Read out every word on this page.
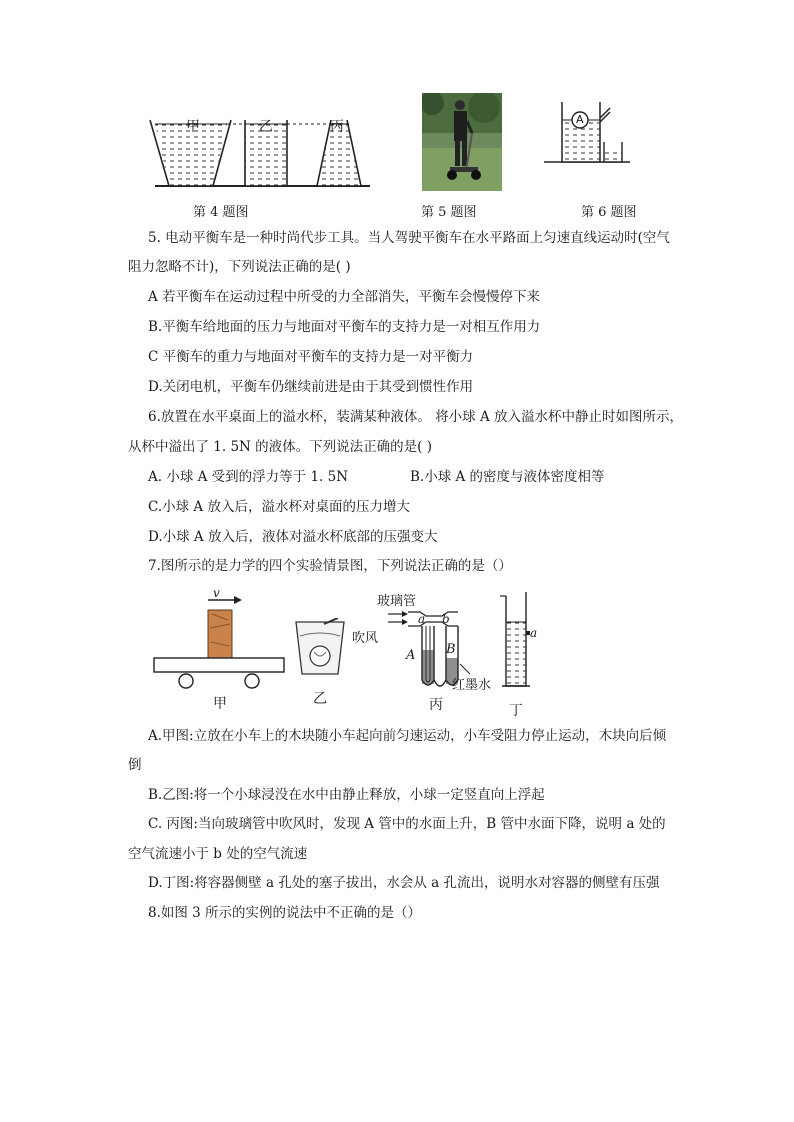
甲	乙	丙
第 4 题图	第 5 题图
A
第 6 题图
5. 电动平衡车是一种时尚代步工具。当人驾驶平衡车在水平路面上匀速直线运动时(空气
阻力忽略不计)，下列说法正确的是( )
A 若平衡车在运动过程中所受的力全部消失，平衡车会慢慢停下来
B.平衡车给地面的压力与地面对平衡车的支持力是一对相互作用力
C 平衡车的重力与地面对平衡车的支持力是一对平衡力
D.关闭电机，平衡车仍继续前进是由于其受到惯性作用
6.放置在水平桌面上的溢水杯，装满某种液体。 将小球 A 放入溢水杯中静止时如图所示，
从杯中溢出了 1. 5N 的液体。下列说法正确的是( )
A. 小球 A 受到的浮力等于 1. 5N	B.小球 A 的密度与液体密度相等
C.小球 A 放入后，溢水杯对桌面的压力增大
D.小球 A 放入后，液体对溢水杯底部的压强变大
7.图所示的是力学的四个实验情景图，下列说法正确的是（）
v
甲	乙
玻璃管
吹风
a b
A B
红墨水
丙
a
丁
A.甲图:立放在小车上的木块随小车起向前匀速运动，小车受阻力停止运动，木块向后倾
倒
B.乙图:将一个小球浸没在水中由静止释放，小球一定竖直向上浮起
C. 丙图:当向玻璃管中吹风时，发现 A 管中的水面上升，B 管中水面下降，说明 a 处的
空气流速小于 b 处的空气流速
D.丁图:将容器侧壁 a 孔处的塞子拔出，水会从 a 孔流出，说明水对容器的侧壁有压强
8.如图 3 所示的实例的说法中不正确的是（）
